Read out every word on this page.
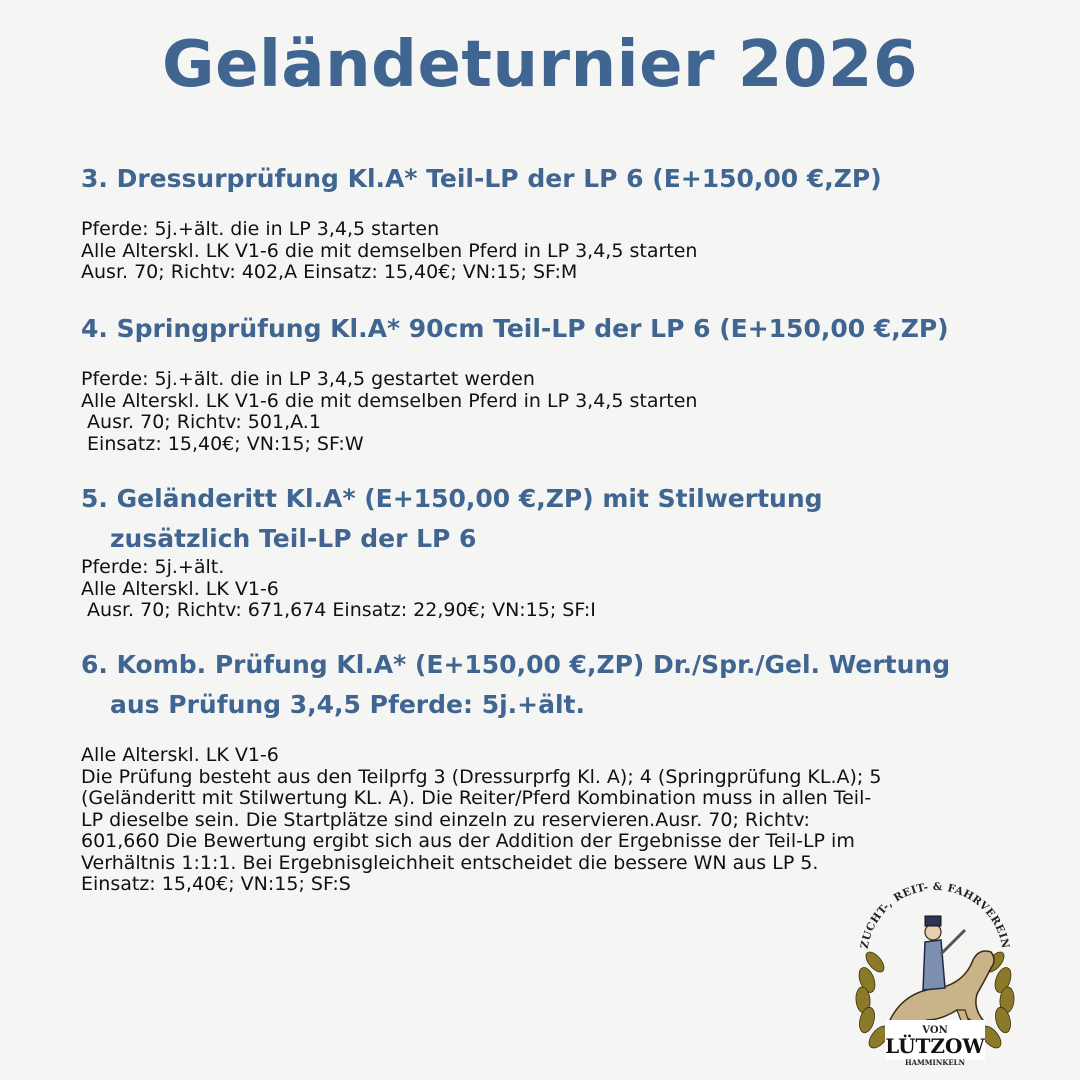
Geländeturnier 2026
3. Dressurprüfung Kl.A* Teil-LP der LP 6 (E+150,00 €,ZP)
Pferde: 5j.+ält. die in LP 3,4,5 starten
Alle Alterskl. LK V1-6 die mit demselben Pferd in LP 3,4,5 starten
Ausr. 70; Richtv: 402,A Einsatz: 15,40€; VN:15; SF:M
4. Springprüfung Kl.A* 90cm Teil-LP der LP 6 (E+150,00 €,ZP)
Pferde: 5j.+ält. die in LP 3,4,5 gestartet werden
Alle Alterskl. LK V1-6 die mit demselben Pferd in LP 3,4,5 starten
Ausr. 70; Richtv: 501,A.1
Einsatz: 15,40€; VN:15; SF:W
5. Geländeritt Kl.A* (E+150,00 €,ZP) mit Stilwertung
zusätzlich Teil-LP der LP 6
Pferde: 5j.+ält.
Alle Alterskl. LK V1-6
Ausr. 70; Richtv: 671,674 Einsatz: 22,90€; VN:15; SF:I
6. Komb. Prüfung Kl.A* (E+150,00 €,ZP) Dr./Spr./Gel. Wertung
aus Prüfung 3,4,5 Pferde: 5j.+ält.
Alle Alterskl. LK V1-6
Die Prüfung besteht aus den Teilprfg 3 (Dressurprfg Kl. A); 4 (Springprüfung KL.A); 5
(Geländeritt mit Stilwertung KL. A). Die Reiter/Pferd Kombination muss in allen Teil-
LP dieselbe sein. Die Startplätze sind einzeln zu reservieren.Ausr. 70; Richtv:
601,660 Die Bewertung ergibt sich aus der Addition der Ergebnisse der Teil-LP im
Verhältnis 1:1:1. Bei Ergebnisgleichheit entscheidet die bessere WN aus LP 5.
Einsatz: 15,40€; VN:15; SF:S
ZUCHT-, REIT- & FAHRVEREIN
VON
LÜTZOW
HAMMINKELN
